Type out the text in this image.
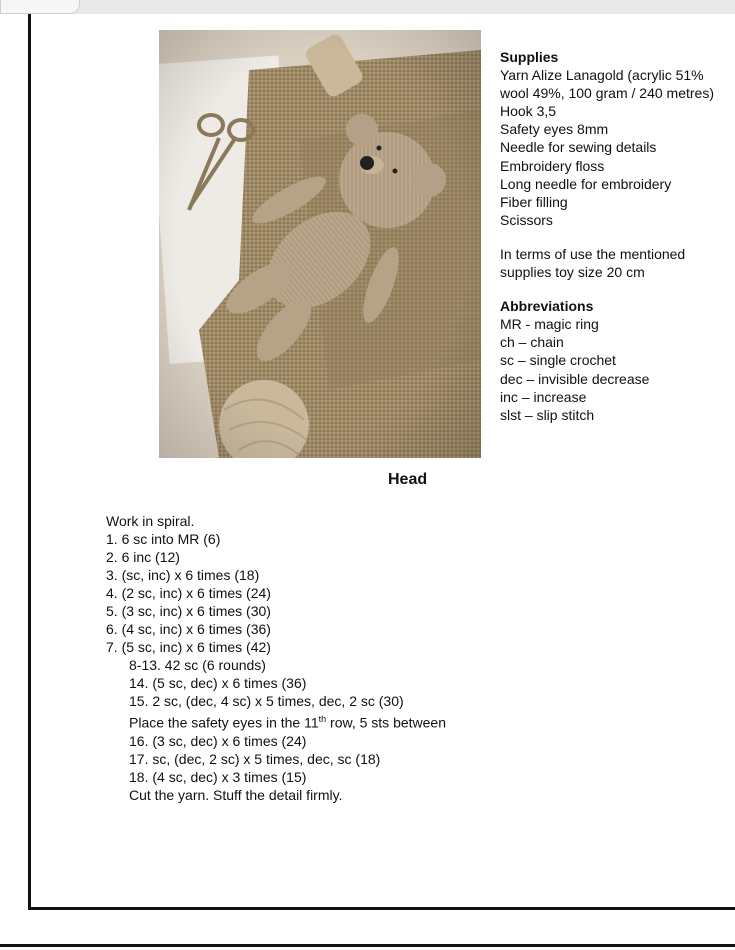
Supplies
Yarn Alize Lanagold (acrylic 51%
wool 49%, 100 gram / 240 metres)
Hook 3,5
Safety eyes 8mm
Needle for sewing details
Embroidery floss
Long needle for embroidery
Fiber filling
Scissors
In terms of use the mentioned
supplies toy size 20 cm
Abbreviations
MR - magic ring
ch – chain
sc – single crochet
dec – invisible decrease
inc – increase
slst – slip stitch
Head
Work in spiral.
1. 6 sc into MR (6)
2. 6 inc (12)
3. (sc, inc) x 6 times (18)
4. (2 sc, inc) x 6 times (24)
5. (3 sc, inc) x 6 times (30)
6. (4 sc, inc) x 6 times (36)
7. (5 sc, inc) x 6 times (42)
8-13. 42 sc (6 rounds)
14. (5 sc, dec) x 6 times (36)
15. 2 sc, (dec, 4 sc) x 5 times, dec, 2 sc (30)
Place the safety eyes in the 11th row, 5 sts between
16. (3 sc, dec) x 6 times (24)
17. sc, (dec, 2 sc) x 5 times, dec, sc (18)
18. (4 sc, dec) x 3 times (15)
Cut the yarn. Stuff the detail firmly.
